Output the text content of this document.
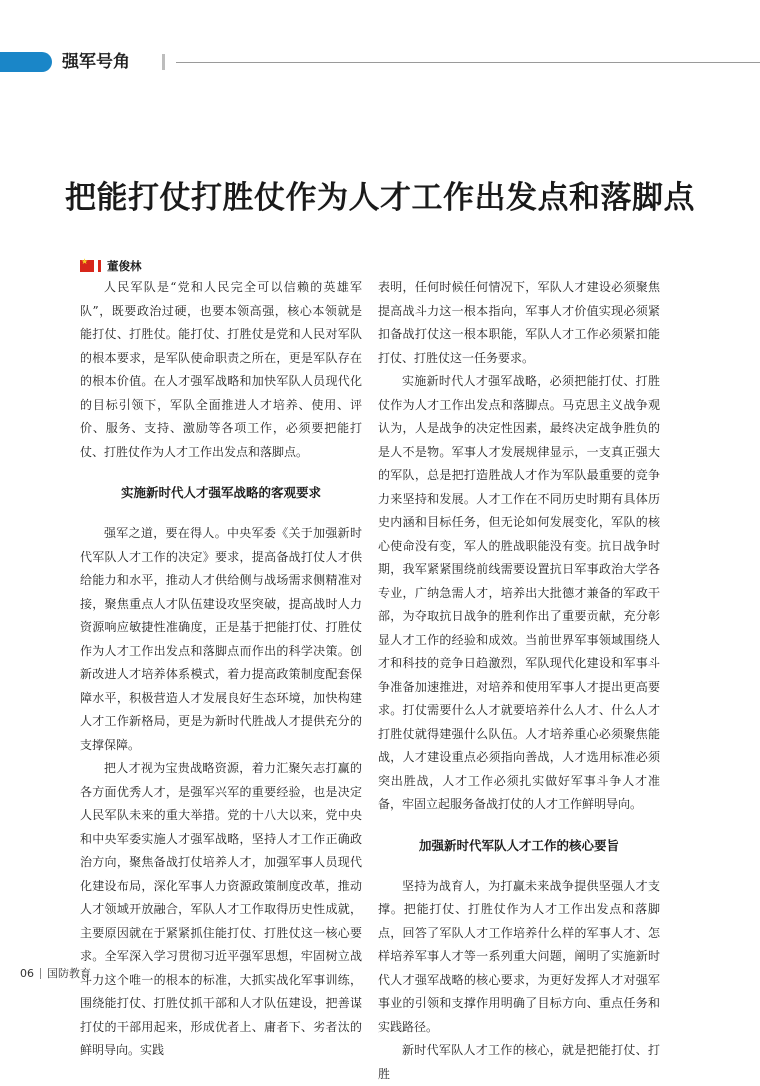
强军号角
把能打仗打胜仗作为人才工作出发点和落脚点
★
董俊林

人民军队是“党和人民完全可以信赖的英雄军队”，既要政治过硬，也要本领高强，核心本领就是能打仗、打胜仗。能打仗、打胜仗是党和人民对军队的根本要求，是军队使命职责之所在，更是军队存在的根本价值。在人才强军战略和加快军队人员现代化的目标引领下，军队全面推进人才培养、使用、评价、服务、支持、激励等各项工作，必须要把能打仗、打胜仗作为人才工作出发点和落脚点。

实施新时代人才强军战略的客观要求

强军之道，要在得人。中央军委《关于加强新时代军队人才工作的决定》要求，提高备战打仗人才供给能力和水平，推动人才供给侧与战场需求侧精准对接，聚焦重点人才队伍建设攻坚突破，提高战时人力资源响应敏捷性准确度，正是基于把能打仗、打胜仗作为人才工作出发点和落脚点而作出的科学决策。创新改进人才培养体系模式，着力提高政策制度配套保障水平，积极营造人才发展良好生态环境，加快构建人才工作新格局，更是为新时代胜战人才提供充分的支撑保障。

把人才视为宝贵战略资源，着力汇聚矢志打赢的各方面优秀人才，是强军兴军的重要经验，也是决定人民军队未来的重大举措。党的十八大以来，党中央和中央军委实施人才强军战略，坚持人才工作正确政治方向，聚焦备战打仗培养人才，加强军事人员现代化建设布局，深化军事人力资源政策制度改革，推动人才领域开放融合，军队人才工作取得历史性成就，主要原因就在于紧紧抓住能打仗、打胜仗这一核心要求。全军深入学习贯彻习近平强军思想，牢固树立战斗力这个唯一的根本的标准，大抓实战化军事训练，围绕能打仗、打胜仗抓干部和人才队伍建设，把善谋打仗的干部用起来，形成优者上、庸者下、劣者汰的鲜明导向。实践

表明，任何时候任何情况下，军队人才建设必须聚焦提高战斗力这一根本指向，军事人才价值实现必须紧扣备战打仗这一根本职能，军队人才工作必须紧扣能打仗、打胜仗这一任务要求。

实施新时代人才强军战略，必须把能打仗、打胜仗作为人才工作出发点和落脚点。马克思主义战争观认为，人是战争的决定性因素，最终决定战争胜负的是人不是物。军事人才发展规律显示，一支真正强大的军队，总是把打造胜战人才作为军队最重要的竞争力来坚持和发展。人才工作在不同历史时期有具体历史内涵和目标任务，但无论如何发展变化，军队的核心使命没有变，军人的胜战职能没有变。抗日战争时期，我军紧紧围绕前线需要设置抗日军事政治大学各专业，广纳急需人才，培养出大批德才兼备的军政干部，为夺取抗日战争的胜利作出了重要贡献，充分彰显人才工作的经验和成效。当前世界军事领域围绕人才和科技的竞争日趋激烈，军队现代化建设和军事斗争准备加速推进，对培养和使用军事人才提出更高要求。打仗需要什么人才就要培养什么人才、什么人才打胜仗就得建强什么队伍。人才培养重心必须聚焦能战，人才建设重点必须指向善战，人才选用标准必须突出胜战，人才工作必须扎实做好军事斗争人才准备，牢固立起服务备战打仗的人才工作鲜明导向。

加强新时代军队人才工作的核心要旨

坚持为战育人，为打赢未来战争提供坚强人才支撑。把能打仗、打胜仗作为人才工作出发点和落脚点，回答了军队人才工作培养什么样的军事人才、怎样培养军事人才等一系列重大问题，阐明了实施新时代人才强军战略的核心要求，为更好发挥人才对强军事业的引领和支撑作用明确了目标方向、重点任务和实践路径。

新时代军队人才工作的核心，就是把能打仗、打胜

06 国防教育
